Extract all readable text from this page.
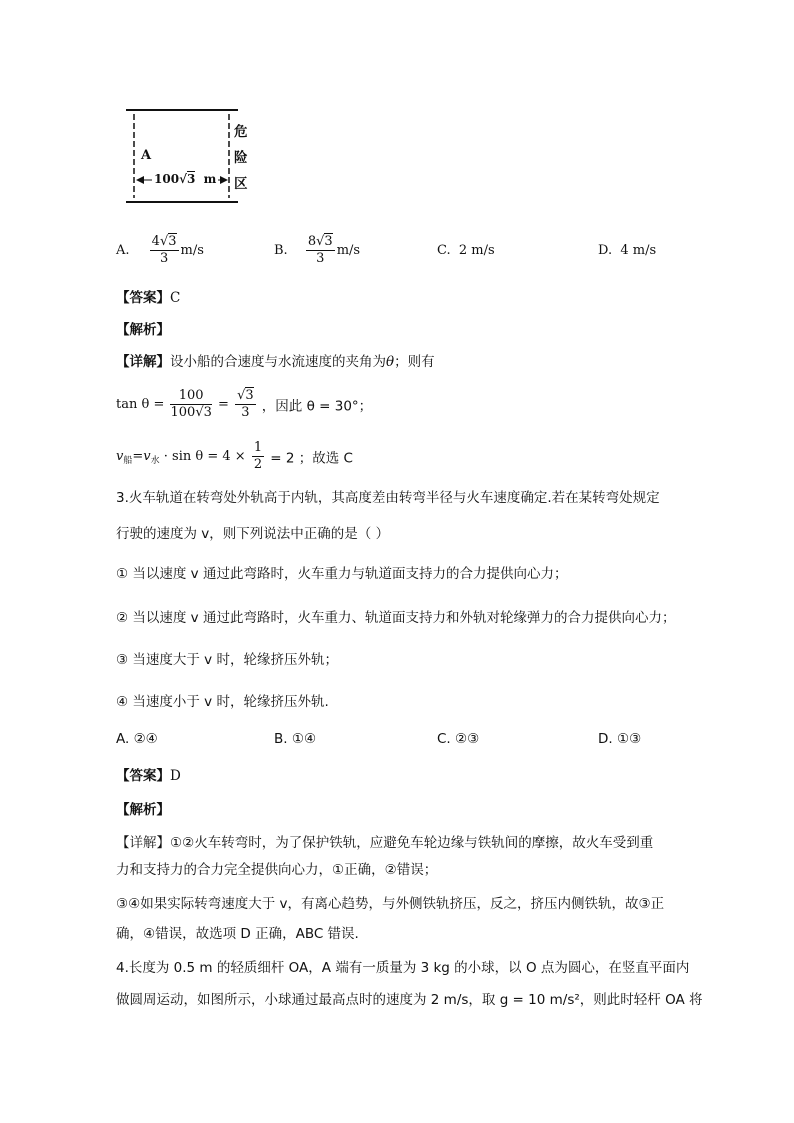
A
100√3 m
危
险
区
A. $\frac{4√3}{3} m/s$	B. $\frac{8√3}{3} m/s$	C. 2 m/s	D. 4 m/s
【答案】C
【解析】
【详解】设小船的合速度与水流速度的夹角为θ；则有
$\tan \theta = \frac{100}{100√3} = \frac{√3}{3}$ ，因此 θ = 30°；
$v_船=v_水 \cdot \sin \theta = 4 \times \frac{1}{2} = 2$ ；故选 C
3.火车轨道在转弯处外轨高于内轨，其高度差由转弯半径与火车速度确定.若在某转弯处规定
行驶的速度为 v，则下列说法中正确的是（ ）
① 当以速度 v 通过此弯路时，火车重力与轨道面支持力的合力提供向心力；
② 当以速度 v 通过此弯路时，火车重力、轨道面支持力和外轨对轮缘弹力的合力提供向心力；
③ 当速度大于 v 时，轮缘挤压外轨；
④ 当速度小于 v 时，轮缘挤压外轨.
A. ②④	B. ①④	C. ②③	D. ①③
【答案】D
【解析】
【详解】①②火车转弯时，为了保护铁轨，应避免车轮边缘与铁轨间的摩擦，故火车受到重
力和支持力的合力完全提供向心力，①正确，②错误；
③④如果实际转弯速度大于 v，有离心趋势，与外侧铁轨挤压，反之，挤压内侧铁轨，故③正
确，④错误，故选项 D 正确，ABC 错误.
4.长度为 0.5 m 的轻质细杆 OA，A 端有一质量为 3 kg 的小球，以 O 点为圆心，在竖直平面内
做圆周运动，如图所示，小球通过最高点时的速度为 2 m/s，取 g = 10 m/s²，则此时轻杆 OA 将
